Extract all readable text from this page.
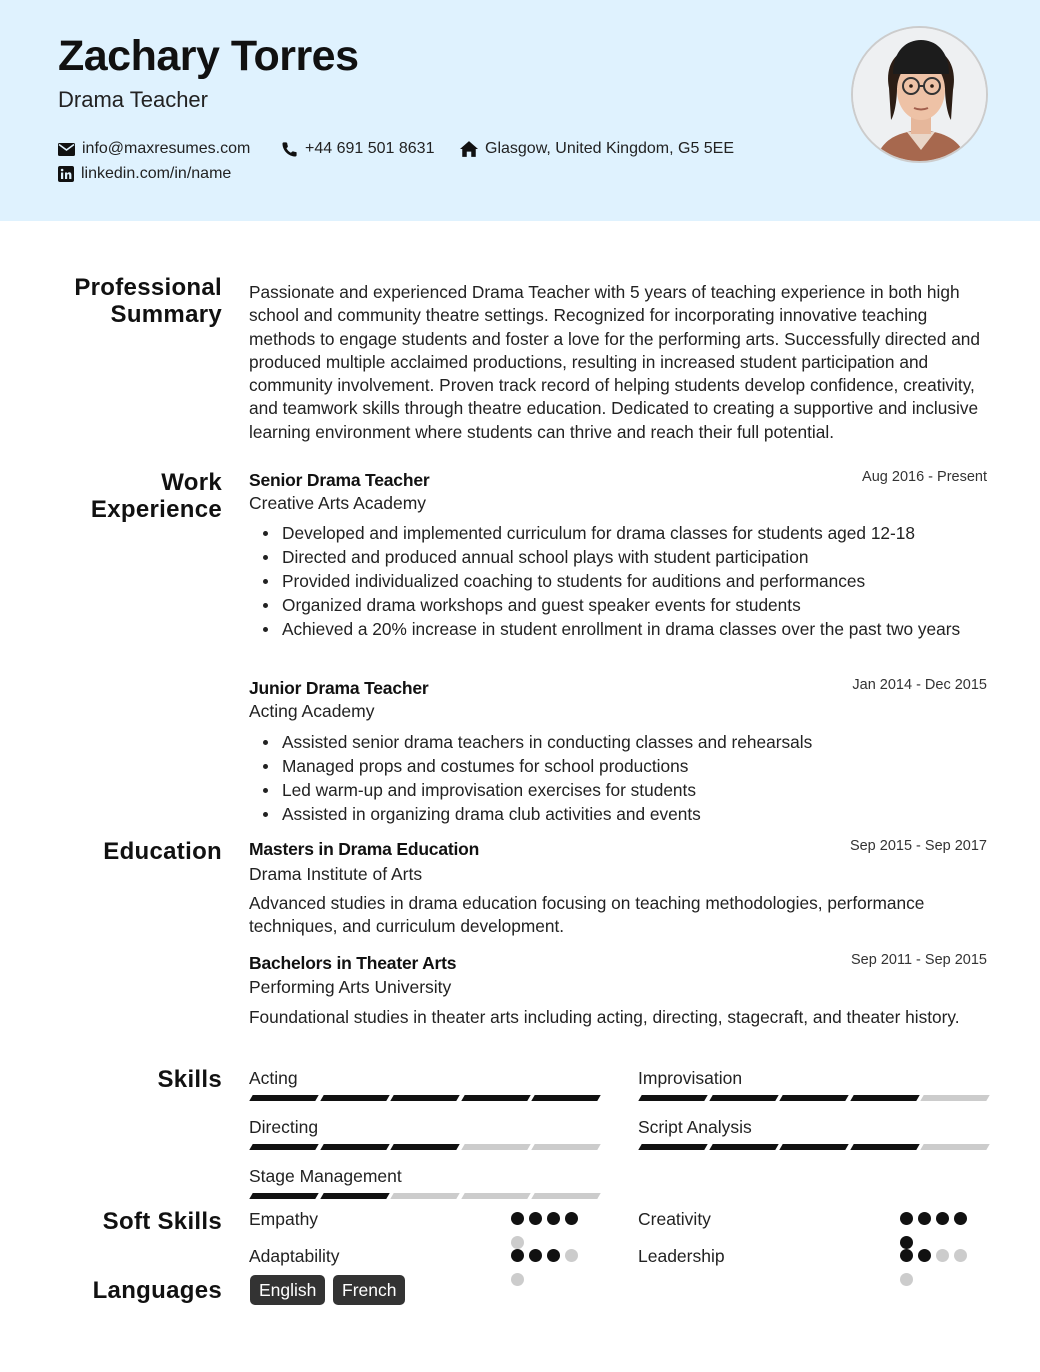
Zachary Torres
Drama Teacher
info@maxresumes.com	+44 691 501 8631	Glasgow, United Kingdom, G5 5EE
linkedin.com/in/name
Professional
Summary
Passionate and experienced Drama Teacher with 5 years of teaching experience in both high school and community theatre settings. Recognized for incorporating innovative teaching methods to engage students and foster a love for the performing arts. Successfully directed and produced multiple acclaimed productions, resulting in increased student participation and community involvement. Proven track record of helping students develop confidence, creativity, and teamwork skills through theatre education. Dedicated to creating a supportive and inclusive learning environment where students can thrive and reach their full potential.
Work
Experience
Senior Drama Teacher	Aug 2016 - Present
Creative Arts Academy
Developed and implemented curriculum for drama classes for students aged 12-18
Directed and produced annual school plays with student participation
Provided individualized coaching to students for auditions and performances
Organized drama workshops and guest speaker events for students
Achieved a 20% increase in student enrollment in drama classes over the past two years
Junior Drama Teacher	Jan 2014 - Dec 2015
Acting Academy
Assisted senior drama teachers in conducting classes and rehearsals
Managed props and costumes for school productions
Led warm-up and improvisation exercises for students
Assisted in organizing drama club activities and events
Education Masters in Drama Education	Sep 2015 - Sep 2017
Drama Institute of Arts
Advanced studies in drama education focusing on teaching methodologies, performance techniques, and curriculum development.
Bachelors in Theater Arts	Sep 2011 - Sep 2015
Performing Arts University
Foundational studies in theater arts including acting, directing, stagecraft, and theater history.
Skills Acting	Improvisation
Directing	Script Analysis
Stage Management
Soft Skills Empathy	Creativity
Adaptability	Leadership
Languages	English	French
